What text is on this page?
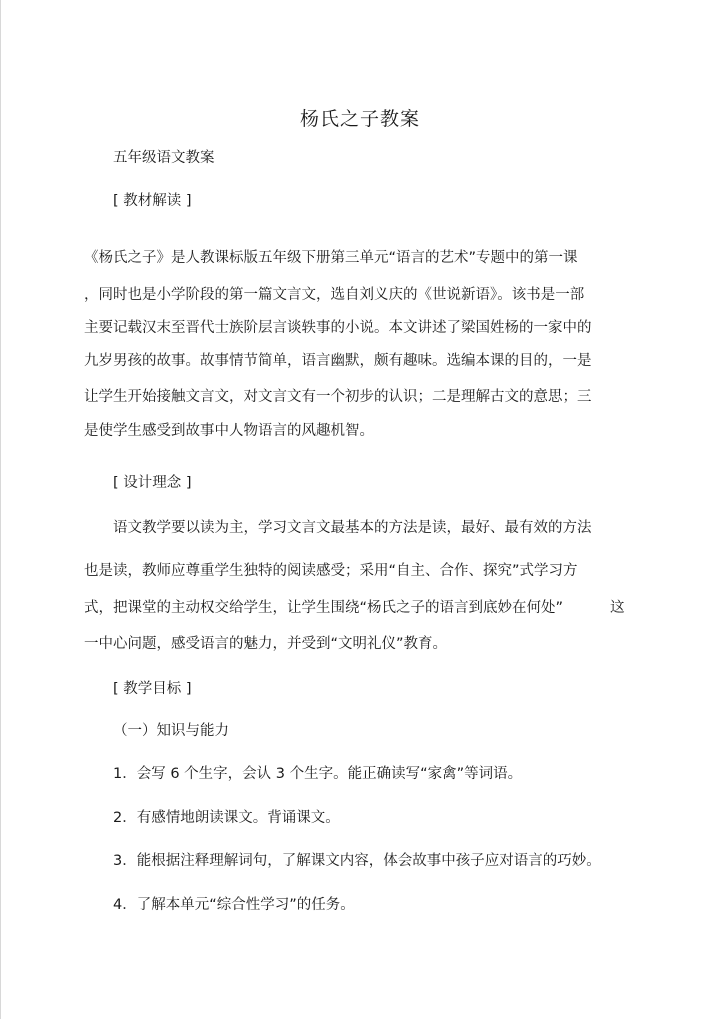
杨氏之子教案

五年级语文教案

[ 教材解读 ]

《杨氏之子》是人教课标版五年级下册第三单元“语言的艺术”专题中的第一课

，同时也是小学阶段的第一篇文言文，选自刘义庆的《世说新语》。该书是一部

主要记载汉末至晋代士族阶层言谈轶事的小说。本文讲述了梁国姓杨的一家中的

九岁男孩的故事。故事情节简单，语言幽默，颇有趣味。选编本课的目的，一是

让学生开始接触文言文，对文言文有一个初步的认识；二是理解古文的意思；三

是使学生感受到故事中人物语言的风趣机智。

[ 设计理念 ]

语文教学要以读为主，学习文言文最基本的方法是读，最好、最有效的方法

也是读，教师应尊重学生独特的阅读感受；采用“自主、合作、探究”式学习方

式，把课堂的主动权交给学生，让学生围绕“杨氏之子的语言到底妙在何处”	这

一中心问题，感受语言的魅力，并受到“文明礼仪”教育。

[ 教学目标 ]

（一）知识与能力

1．会写 6 个生字，会认 3 个生字。能正确读写“家禽”等词语。

2．有感情地朗读课文。背诵课文。

3．能根据注释理解词句，了解课文内容，体会故事中孩子应对语言的巧妙。

4．了解本单元“综合性学习”的任务。
